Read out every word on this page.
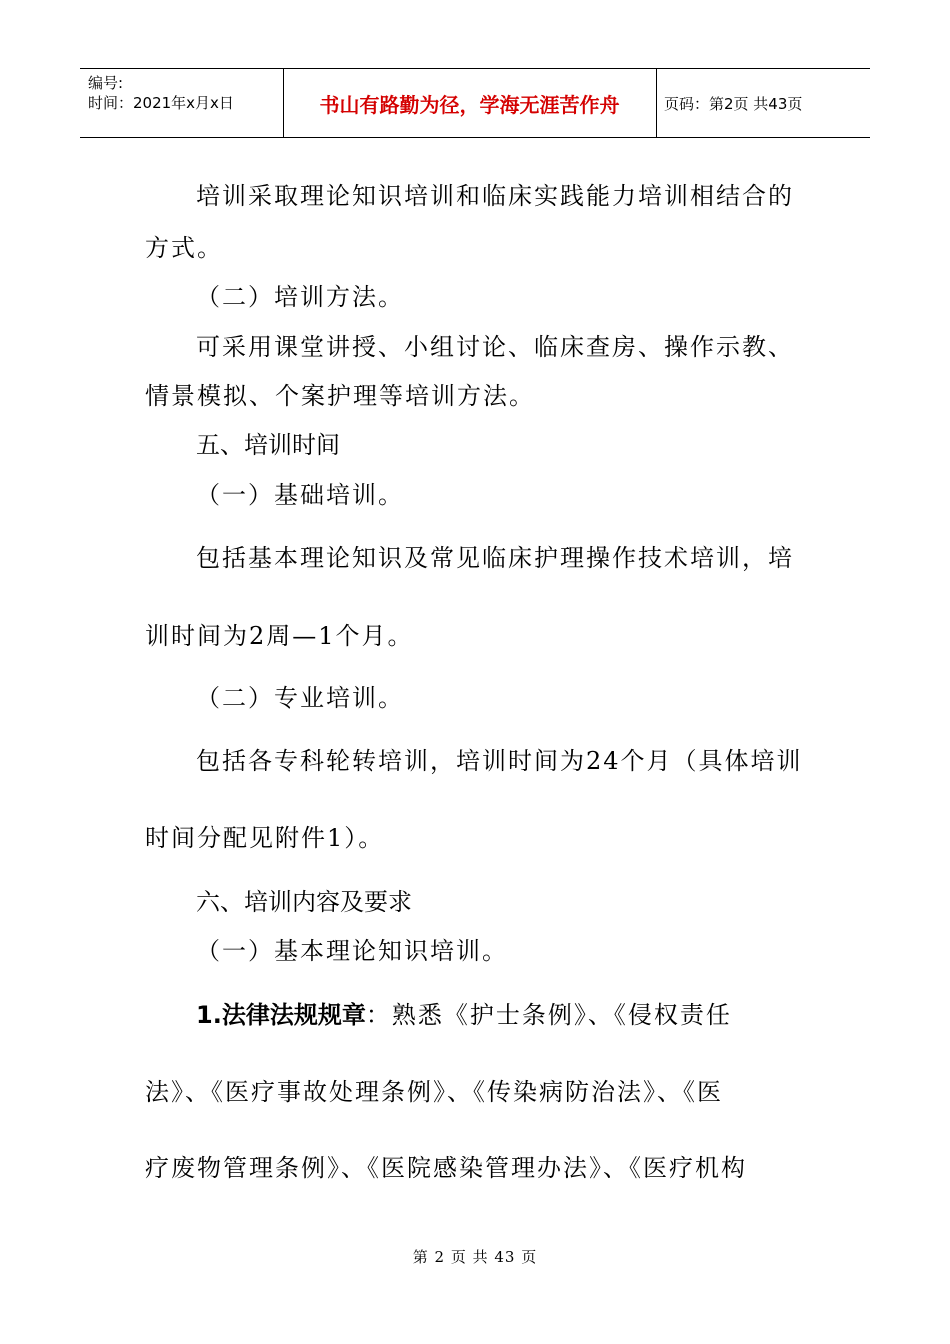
编号:
时间：2021年x月x日	书山有路勤为径，学海无涯苦作舟	页码：第2页 共43页
培训采取理论知识培训和临床实践能力培训相结合的
方式。
（二）培训方法。
可采用课堂讲授、小组讨论、临床查房、操作示教、
情景模拟、个案护理等培训方法。
五、培训时间
（一）基础培训。
包括基本理论知识及常见临床护理操作技术培训，培
训时间为2周—1个月。
（二）专业培训。
包括各专科轮转培训，培训时间为24个月（具体培训
时间分配见附件1）。
六、培训内容及要求
（一）基本理论知识培训。
1.法律法规规章：熟悉《护士条例》、《侵权责任
法》、《医疗事故处理条例》、《传染病防治法》、《医
疗废物管理条例》、《医院感染管理办法》、《医疗机构
第 2 页 共 43 页
